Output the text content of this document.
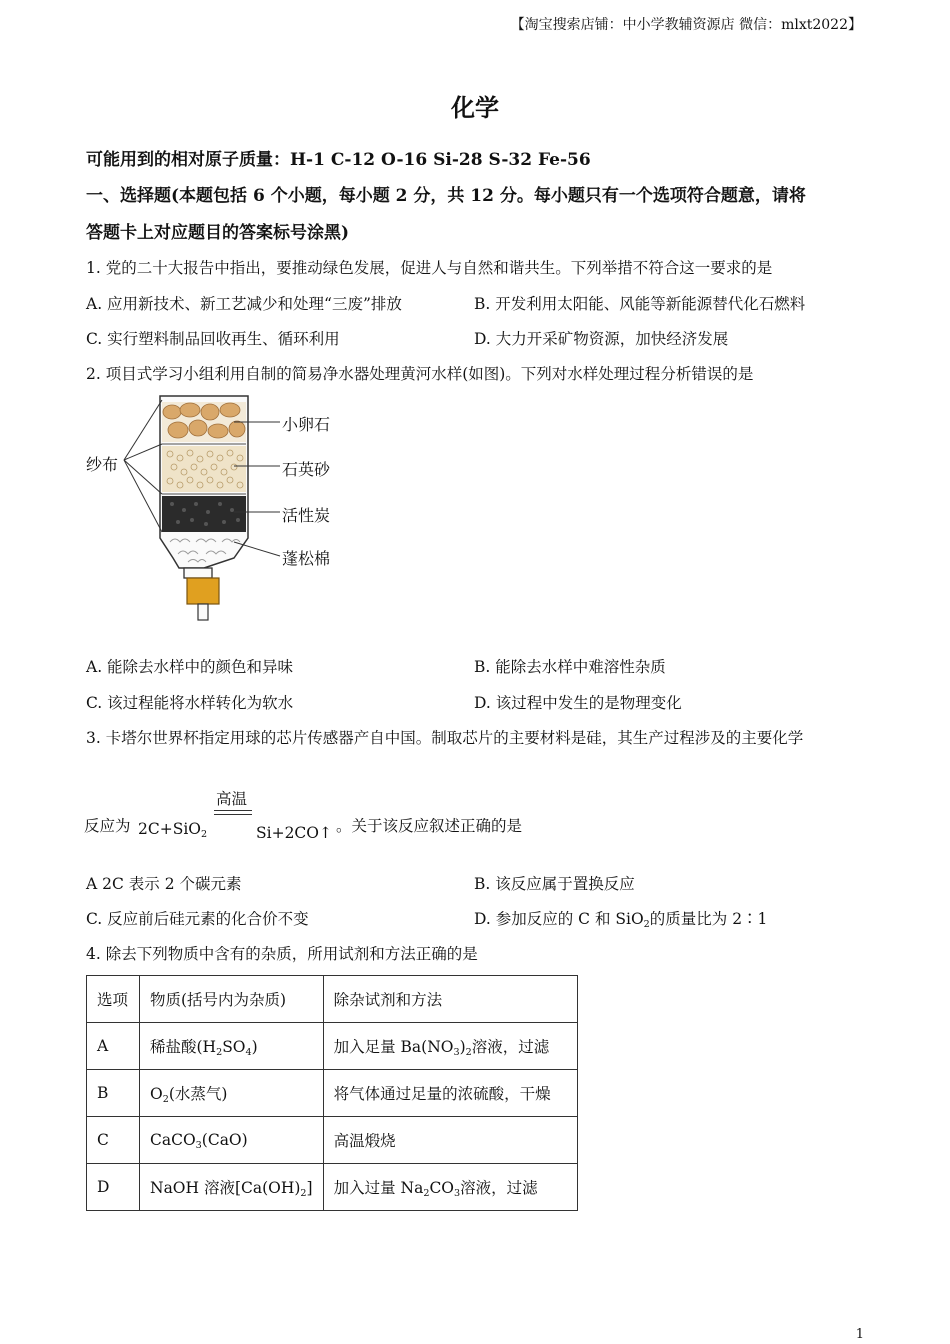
【淘宝搜索店铺：中小学教辅资源店 微信：mlxt2022】
化学
可能用到的相对原子质量：H-1 C-12 O-16 Si-28 S-32 Fe-56
一、选择题(本题包括 6 个小题，每小题 2 分，共 12 分。每小题只有一个选项符合题意，请将
答题卡上对应题目的答案标号涂黑)
1. 党的二十大报告中指出，要推动绿色发展，促进人与自然和谐共生。下列举措不符合这一要求的是
A. 应用新技术、新工艺减少和处理“三废”排放	B. 开发利用太阳能、风能等新能源替代化石燃料
C. 实行塑料制品回收再生、循环利用	D. 大力开采矿物资源，加快经济发展
2. 项目式学习小组利用自制的简易净水器处理黄河水样(如图)。下列对水样处理过程分析错误的是
纱布
小卵石
石英砂
活性炭
蓬松棉
A. 能除去水样中的颜色和异味	B. 能除去水样中难溶性杂质
C. 该过程能将水样转化为软水	D. 该过程中发生的是物理变化
3. 卡塔尔世界杯指定用球的芯片传感器产自中国。制取芯片的主要材料是硅，其生产过程涉及的主要化学
反应为 2C+SiO$_2$
高温
Si+2CO↑ 。关于该反应叙述正确的是
A 2C 表示 2 个碳元素	B. 该反应属于置换反应
C. 反应前后硅元素的化合价不变	D. 参加反应的 C 和 SiO$_2$的质量比为 2∶1
4. 除去下列物质中含有的杂质，所用试剂和方法正确的是
选项	物质(括号内为杂质)	除杂试剂和方法
A	稀盐酸$(H_2SO_4)$	加入足量 $Ba(NO_3)_2$溶液，过滤
B	$O_2$(水蒸气)	将气体通过足量的浓硫酸，干燥
C	CaCO$_3$(CaO)	高温煅烧
D	NaOH 溶液$[Ca(OH)_2]$	加入过量 $Na_2CO_3$溶液，过滤
1
